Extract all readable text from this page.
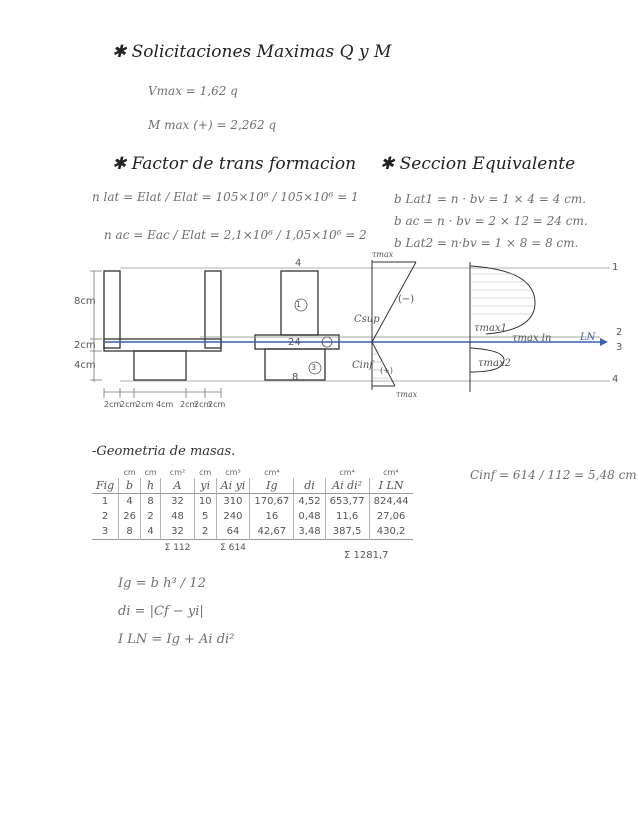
✱ Solicitaciones Maximas Q y M
Vmax = 1,62 q
M max (+) = 2,262 q
✱ Factor de trans formacion ✱ Seccion Equivalente
n lat = Elat / Elat = 105×10⁶ / 105×10⁶ = 1
n ac = Eac / Elat = 2,1×10⁶ / 1,05×10⁶ = 2
b Lat1 = n · bv = 1 × 4 = 4 cm.
b ac = n · bv = 2 × 12 = 24 cm.
b Lat2 = n·bv = 1 × 8 = 8 cm.
8cm
2cm
4cm
2cm
2cm
2cm 4cm 2cm
2cm
2cm
4
1
24
8
3
τmax
(−)
Csup
Cinf (+)
τmax
τmax1
τmax ln	LN
τmax2
1
2
3
4
-Geometria de masas.
Cinf = 614 / 112 = 5,48 cm
	cm	cm	cm²	cm	cm³	cm⁴		cm⁴	cm⁴
Fig	b	h	A	yi	Ai yi	Ig	di	Ai di²	I LN
1	4	8	32	10	310	170,67	4,52	653,77	824,44
2	26	2	48	5	240	16	0,48	11,6	27,06
3	8	4	32	2	64	42,67	3,48	387,5	430,2
			Σ 112		Σ 614				
Σ 1281,7
Ig = b h³ / 12
di = |Cf − yi|
I LN = Ig + Ai di²
